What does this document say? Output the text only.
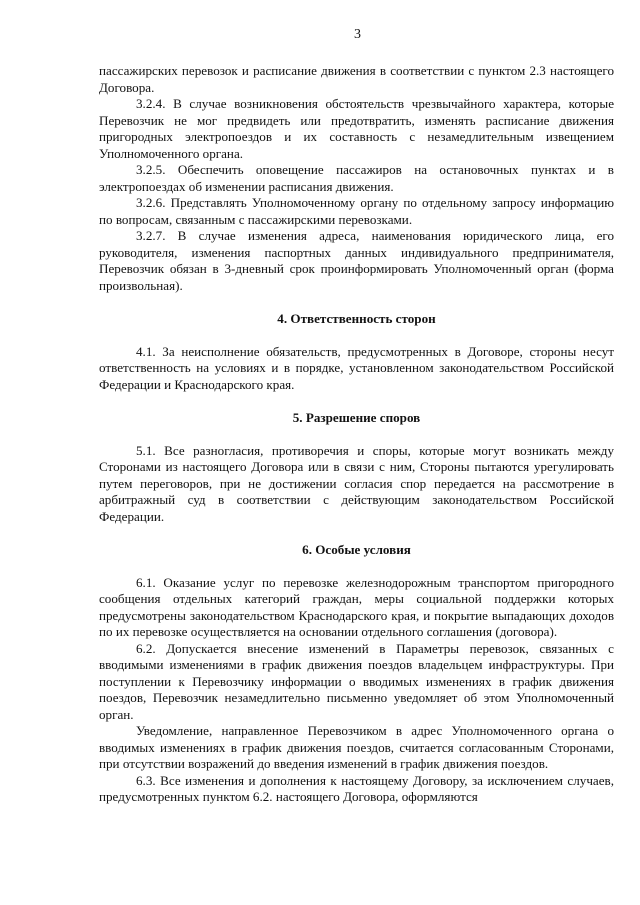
3

пассажирских перевозок и расписание движения в соответствии с пунктом 2.3 настоящего Договора.

3.2.4. В случае возникновения обстоятельств чрезвычайного характера, которые Перевозчик не мог предвидеть или предотвратить, изменять расписание движения пригородных электропоездов и их составность с незамедлительным извещением Уполномоченного органа.

3.2.5. Обеспечить оповещение пассажиров на остановочных пунктах и в электропоездах об изменении расписания движения.

3.2.6. Представлять Уполномоченному органу по отдельному запросу информацию по вопросам, связанным с пассажирскими перевозками.

3.2.7. В случае изменения адреса, наименования юридического лица, его руководителя, изменения паспортных данных индивидуального предпринимателя, Перевозчик обязан в 3-дневный срок проинформировать Уполномоченный орган (форма произвольная).

4. Ответственность сторон

4.1. За неисполнение обязательств, предусмотренных в Договоре, стороны несут ответственность на условиях и в порядке, установленном законодательством Российской Федерации и Краснодарского края.

5. Разрешение споров

5.1. Все разногласия, противоречия и споры, которые могут возникать между Сторонами из настоящего Договора или в связи с ним, Стороны пытаются урегулировать путем переговоров, при не достижении согласия спор передается на рассмотрение в арбитражный суд в соответствии с действующим законодательством Российской Федерации.

6. Особые условия

6.1. Оказание услуг по перевозке железнодорожным транспортом пригородного сообщения отдельных категорий граждан, меры социальной поддержки которых предусмотрены законодательством Краснодарского края, и покрытие выпадающих доходов по их перевозке осуществляется на основании отдельного соглашения (договора).

6.2. Допускается внесение изменений в Параметры перевозок, связанных с вводимыми изменениями в график движения поездов владельцем инфраструктуры. При поступлении к Перевозчику информации о вводимых изменениях в график движения поездов, Перевозчик незамедлительно письменно уведомляет об этом Уполномоченный орган.

Уведомление, направленное Перевозчиком в адрес Уполномоченного органа о вводимых изменениях в график движения поездов, считается согласованным Сторонами, при отсутствии возражений до введения изменений в график движения поездов.

6.3. Все изменения и дополнения к настоящему Договору, за исключением случаев, предусмотренных пунктом 6.2. настоящего Договора, оформляются
